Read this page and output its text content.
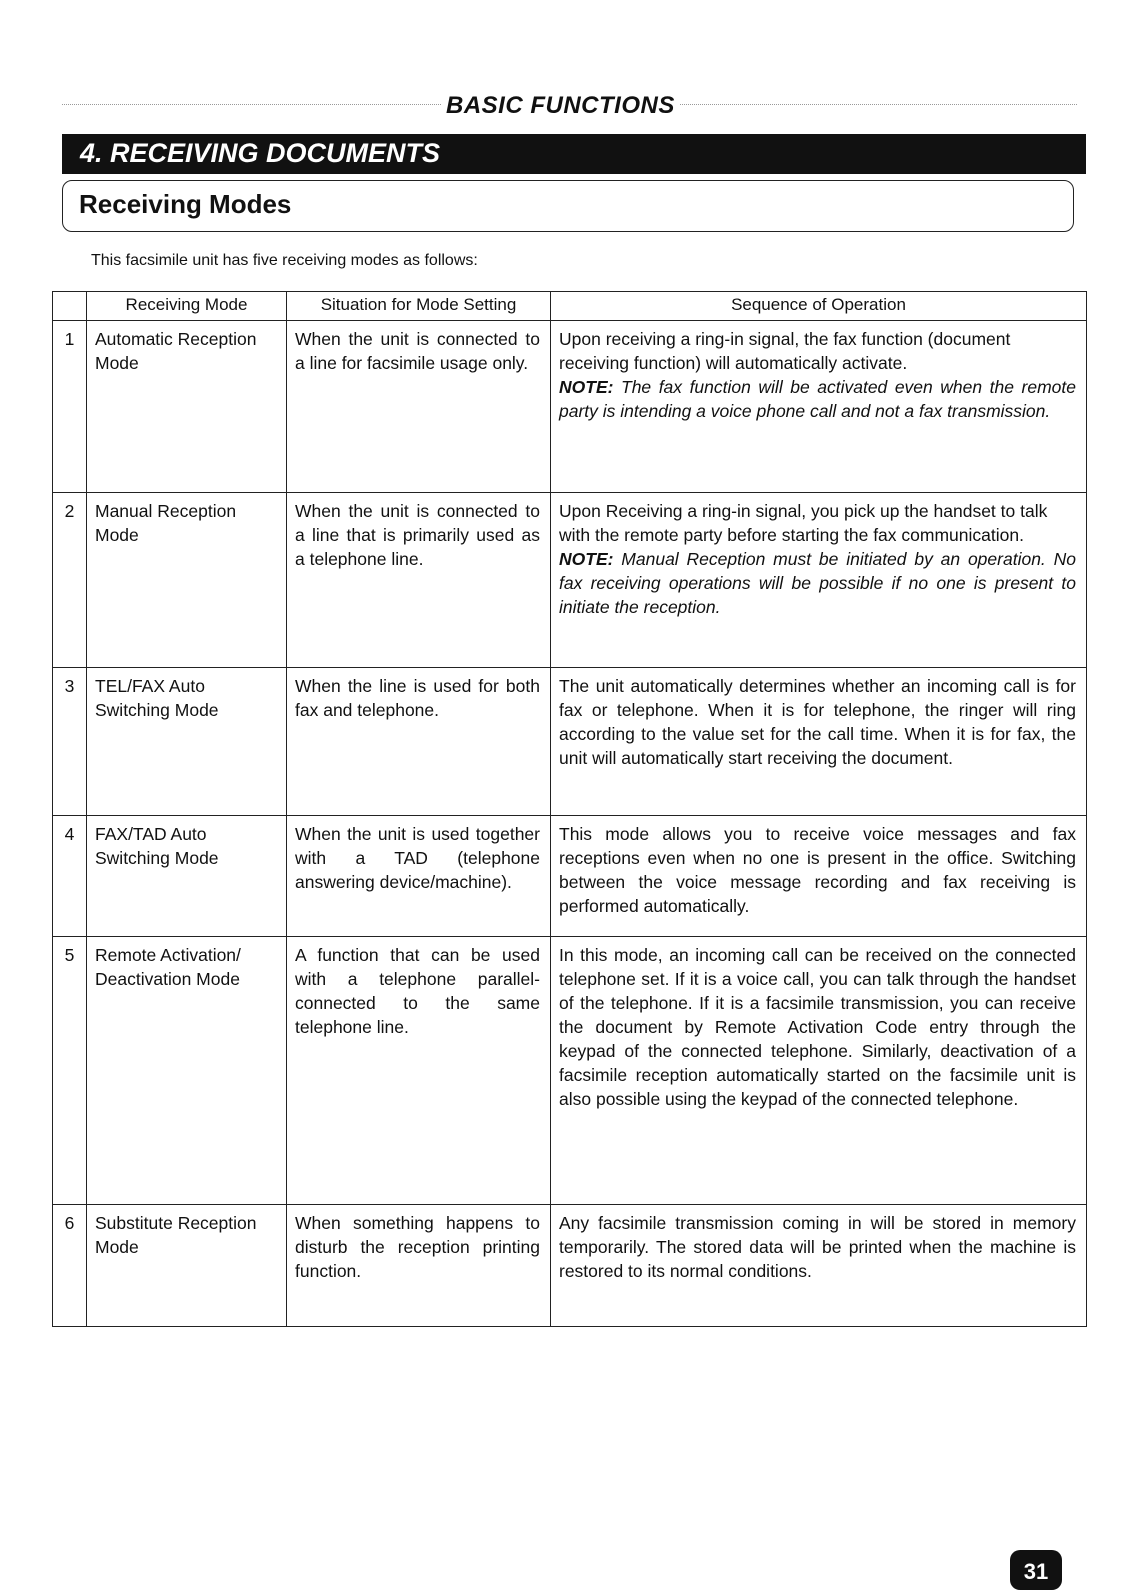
BASIC FUNCTIONS
4. RECEIVING DOCUMENTS
Receiving Modes
This facsimile unit has five receiving modes as follows:
	Receiving Mode	Situation for Mode Setting	Sequence of Operation
1	Automatic Reception Mode	When the unit is connected to a line for facsimile usage only.	Upon receiving a ring-in signal, the fax function (document receiving function) will automatically activate.
NOTE: The fax function will be activated even when the remote party is intending a voice phone call and not a fax transmission.

2	Manual Reception Mode	When the unit is connected to a line that is primarily used as a telephone line.	Upon Receiving a ring-in signal, you pick up the handset to talk with the remote party before starting the fax communication.
NOTE: Manual Reception must be initiated by an operation. No fax receiving operations will be possible if no one is present to initiate the reception.

3	TEL/FAX Auto Switching Mode	When the line is used for both fax and telephone.	The unit automatically determines whether an incoming call is for fax or telephone. When it is for telephone, the ringer will ring according to the value set for the call time. When it is for fax, the unit will automatically start receiving the document.
4	FAX/TAD Auto Switching Mode	When the unit is used together with a TAD (telephone answering device/machine).	This mode allows you to receive voice messages and fax receptions even when no one is present in the office. Switching between the voice message recording and fax receiving is performed automatically.
5	Remote Activation/ Deactivation Mode	A function that can be used with a telephone parallel-connected to the same telephone line.	In this mode, an incoming call can be received on the connected telephone set. If it is a voice call, you can talk through the handset of the telephone. If it is a facsimile transmission, you can receive the document by Remote Activation Code entry through the keypad of the connected telephone. Similarly, deactivation of a facsimile reception automatically started on the facsimile unit is also possible using the keypad of the connected telephone.
6	Substitute Reception Mode	When something happens to disturb the reception printing function.	Any facsimile transmission coming in will be stored in memory temporarily. The stored data will be printed when the machine is restored to its normal conditions.
31
